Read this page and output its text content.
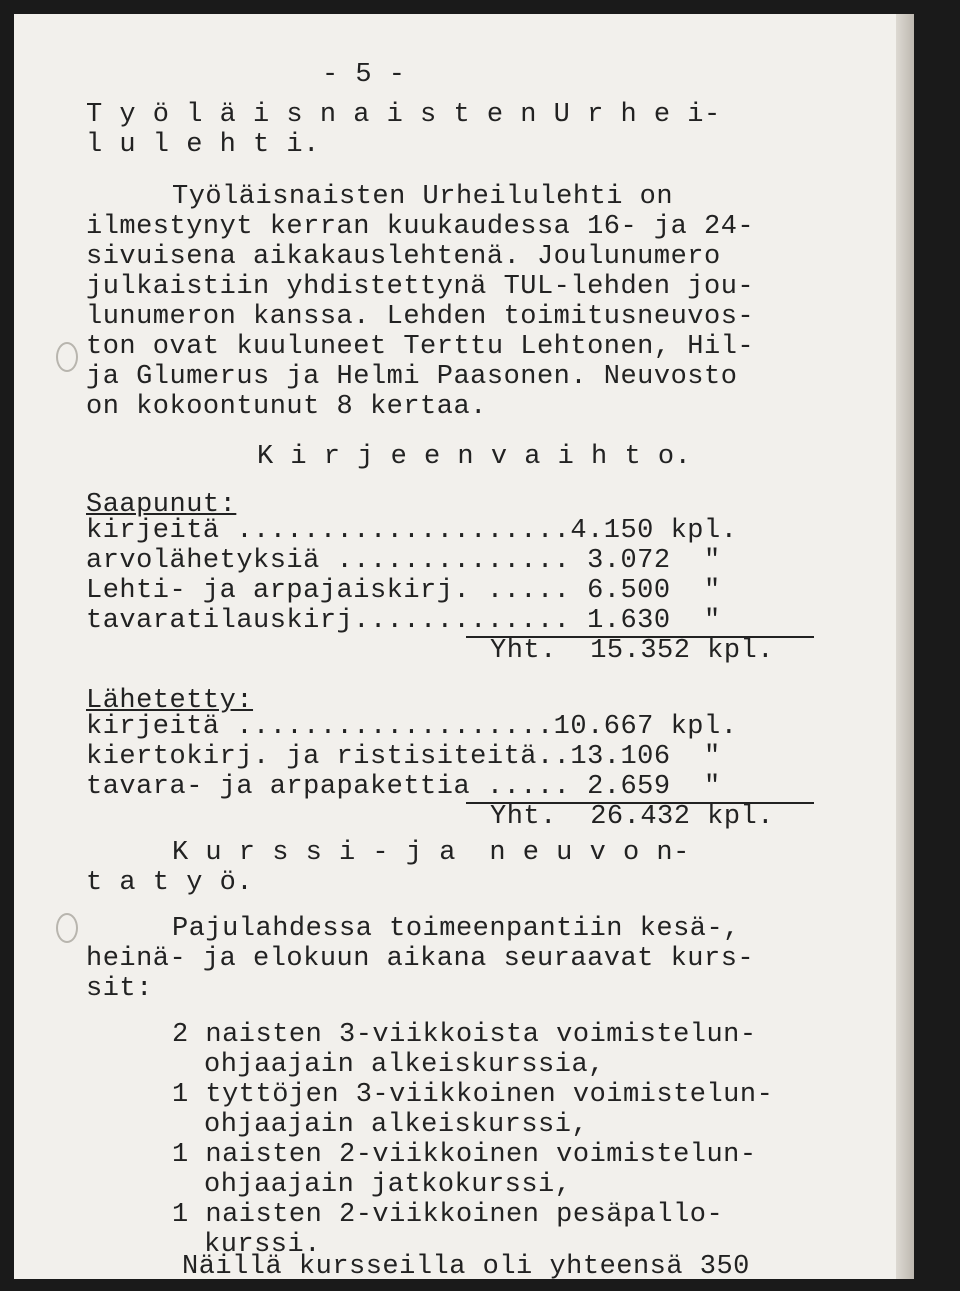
- 5 -
T y ö l ä i s n a i s t e n U r h e i-
l u l e h t i.
Työläisnaisten Urheilulehti on
ilmestynyt kerran kuukaudessa 16- ja 24-
sivuisena aikakauslehtenä. Joulunumero
julkaistiin yhdistettynä TUL-lehden jou-
lunumeron kanssa. Lehden toimitusneuvos-
ton ovat kuuluneet Terttu Lehtonen, Hil-
ja Glumerus ja Helmi Paasonen. Neuvosto
on kokoontunut 8 kertaa.
K i r j e e n v a i h t o.
Saapunut:
kirjeitä ....................4.150 kpl.
arvolähetyksiä .............. 3.072  "
Lehti- ja arpajaiskirj. ..... 6.500  "
tavaratilauskirj............. 1.630  "
Yht.  15.352 kpl.
Lähetetty:
kirjeitä ...................10.667 kpl.
kiertokirj. ja ristisiteitä..13.106  "
tavara- ja arpapakettia ..... 2.659  "
Yht.  26.432 kpl.
K u r s s i - j a  n e u v o n-
t a t y ö.
Pajulahdessa toimeenpantiin kesä-,
heinä- ja elokuun aikana seuraavat kurs-
sit:
2 naisten 3-viikkoista voimistelun-
ohjaajain alkeiskurssia,
1 tyttöjen 3-viikkoinen voimistelun-
ohjaajain alkeiskurssi,
1 naisten 2-viikkoinen voimistelun-
ohjaajain jatkokurssi,
1 naisten 2-viikkoinen pesäpallo-
kurssi.
Näillä kursseilla oli yhteensä 350
